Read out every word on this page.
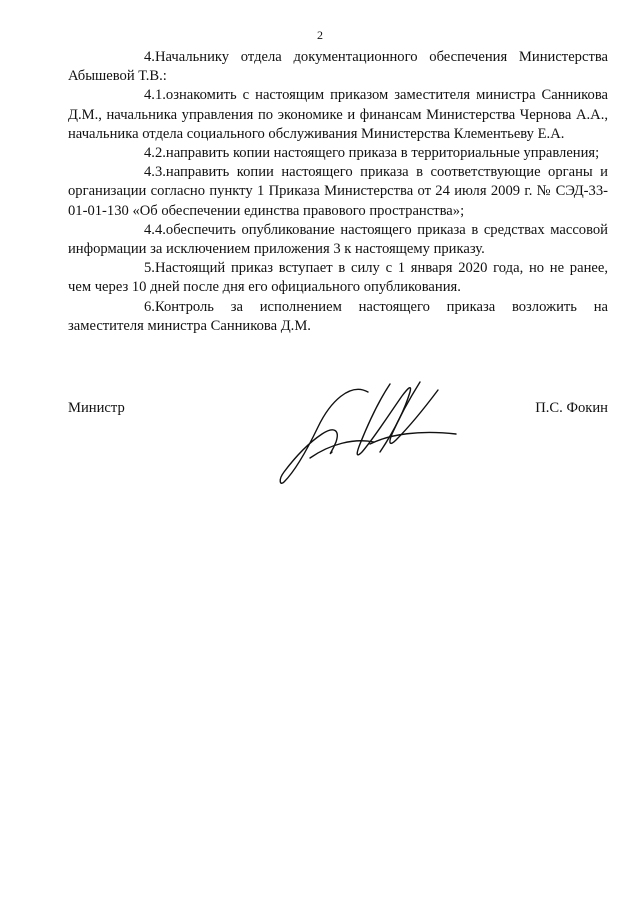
2

4.Начальнику отдела документационного обеспечения Министерства Абышевой Т.В.:

4.1.ознакомить с настоящим приказом заместителя министра Санникова Д.М., начальника управления по экономике и финансам Министерства Чернова А.А., начальника отдела социального обслуживания Министерства Клементьеву Е.А.

4.2.направить копии настоящего приказа в территориальные управления;

4.3.направить копии настоящего приказа в соответствующие органы и организации согласно пункту 1 Приказа Министерства от 24 июля 2009 г. № СЭД-33-01-01-130 «Об обеспечении единства правового пространства»;

4.4.обеспечить опубликование настоящего приказа в средствах массовой информации за исключением приложения 3 к настоящему приказу.

5.Настоящий приказ вступает в силу с 1 января 2020 года, но не ранее, чем через 10 дней после дня его официального опубликования.

6.Контроль за исполнением настоящего приказа возложить на заместителя министра Санникова Д.М.

Министр	П.С. Фокин
